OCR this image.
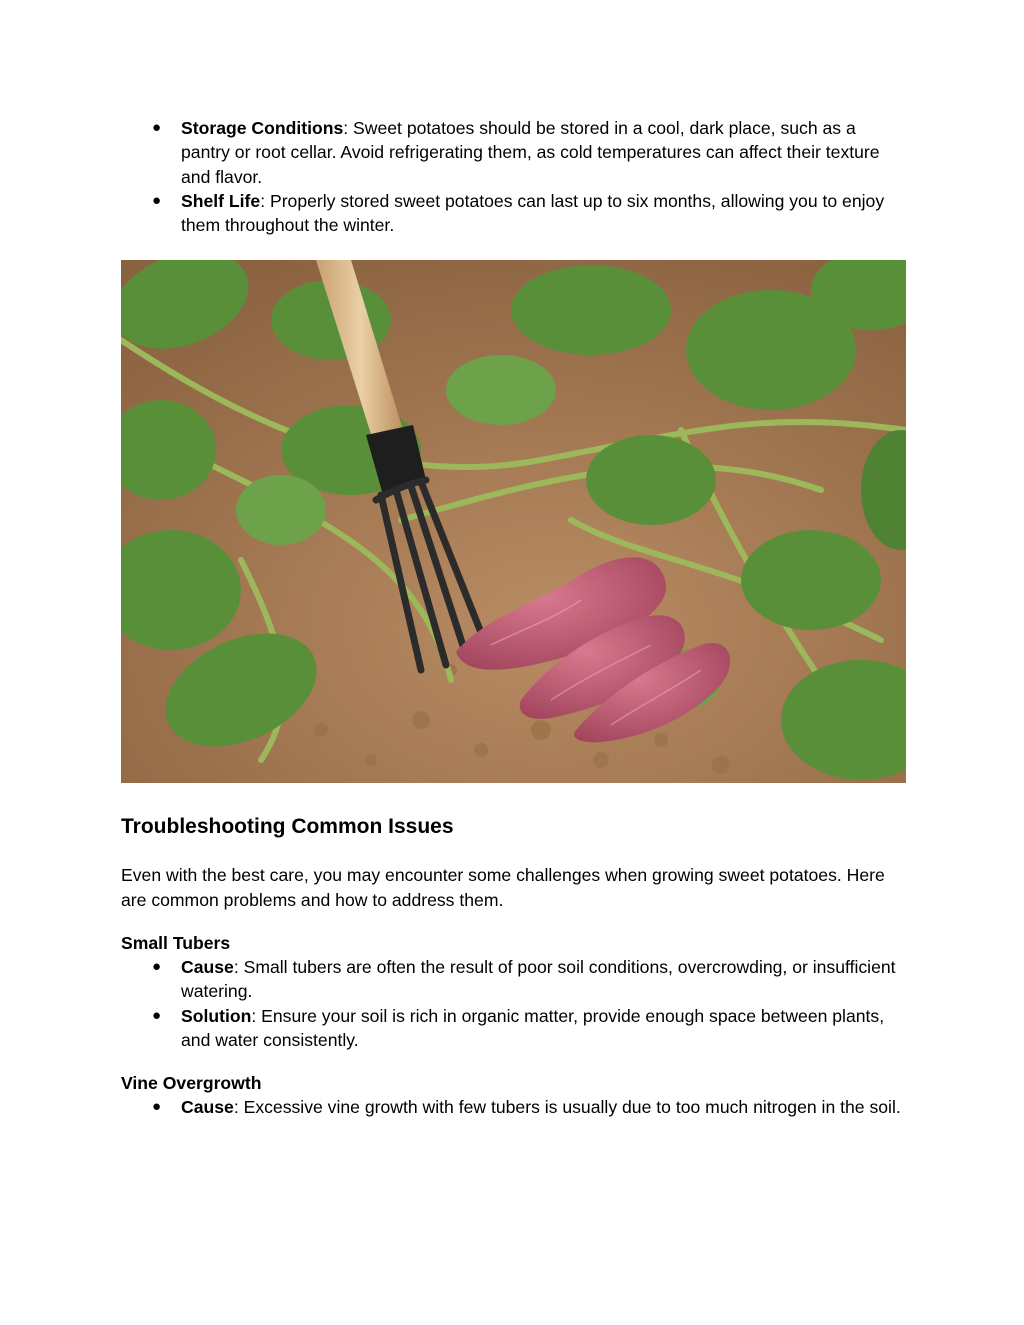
● Storage Conditions: Sweet potatoes should be stored in a cool, dark place, such as a pantry or root cellar. Avoid refrigerating them, as cold temperatures can affect their texture and flavor.
● Shelf Life: Properly stored sweet potatoes can last up to six months, allowing you to enjoy them throughout the winter.
Troubleshooting Common Issues

Even with the best care, you may encounter some challenges when growing sweet potatoes. Here are common problems and how to address them.

Small Tubers
● Cause: Small tubers are often the result of poor soil conditions, overcrowding, or insufficient watering.
● Solution: Ensure your soil is rich in organic matter, provide enough space between plants, and water consistently.
Vine Overgrowth
● Cause: Excessive vine growth with few tubers is usually due to too much nitrogen in the soil.
